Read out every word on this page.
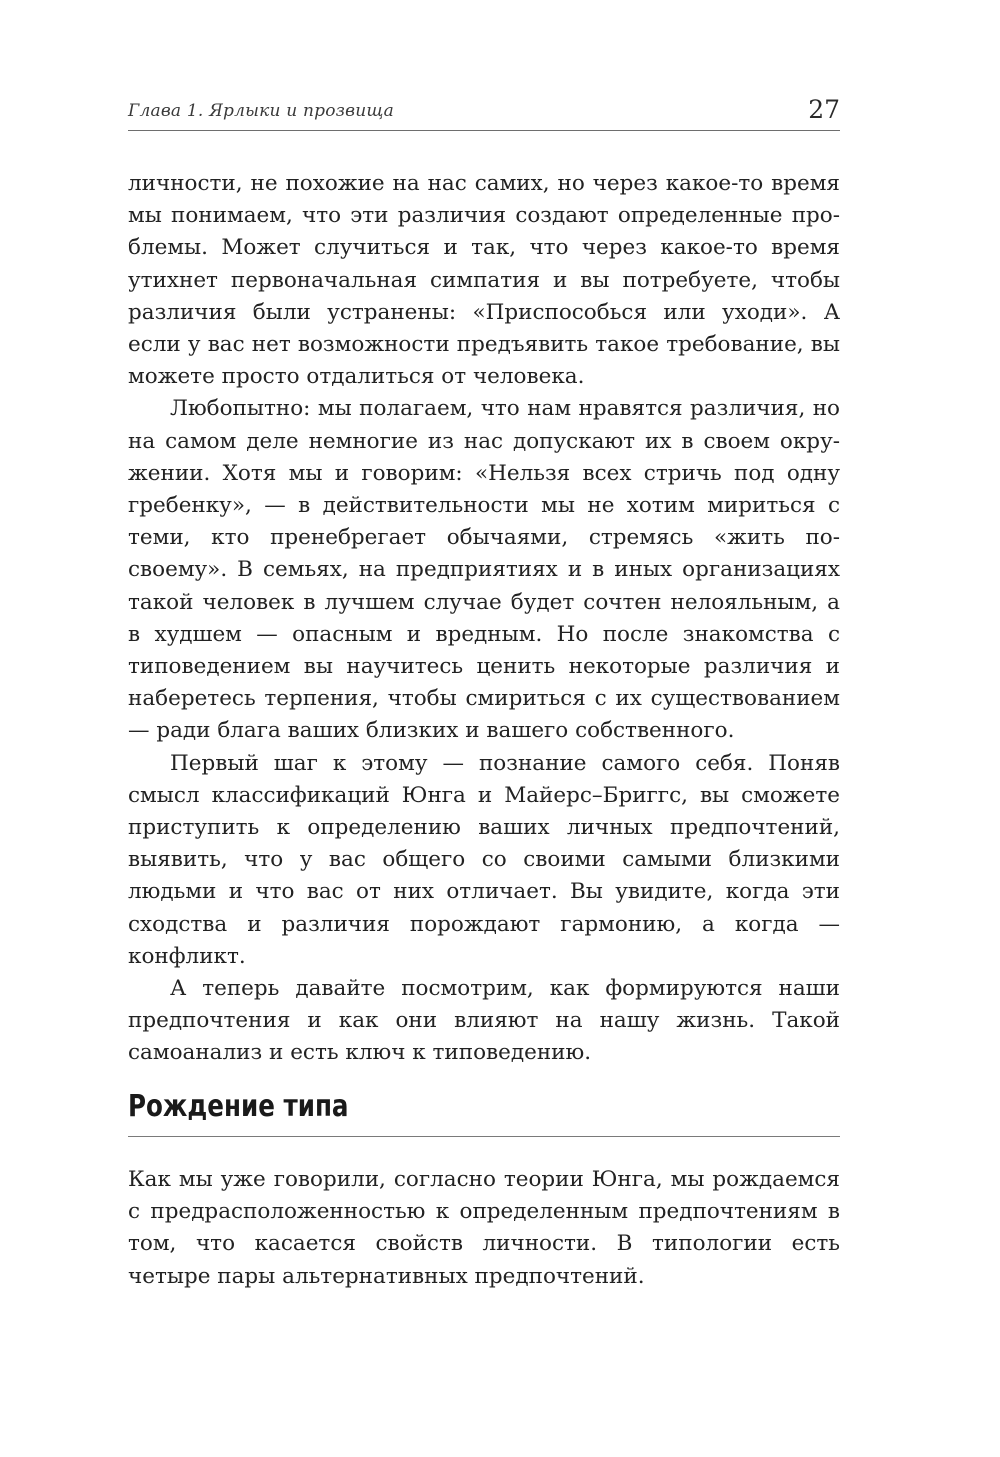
Глава 1. Ярлыки и прозвища	27

личности, не похожие на нас самих, но через какое-то время мы понимаем, что эти различия создают определенные проблемы. Может случиться и так, что через какое-то время утихнет первоначальная симпатия и вы потребуете, чтобы различия были устранены: «Приспособься или уходи». А если у вас нет возможности предъявить такое требование, вы можете просто отдалиться от человека.

Любопытно: мы полагаем, что нам нравятся различия, но на самом деле немногие из нас допускают их в своем окружении. Хотя мы и говорим: «Нельзя всех стричь под одну гребенку», — в действительности мы не хотим мириться с теми, кто пренебрегает обычаями, стремясь «жить по-своему». В семьях, на предприятиях и в иных организациях такой человек в лучшем случае будет сочтен нелояльным, а в худшем — опасным и вредным. Но после знакомства с типоведением вы научитесь ценить некоторые различия и наберетесь терпения, чтобы смириться с их существованием — ради блага ваших близких и вашего собственного.

Первый шаг к этому — познание самого себя. Поняв смысл классификаций Юнга и Майерс–Бриггс, вы сможете приступить к определению ваших личных предпочтений, выявить, что у вас общего со своими самыми близкими людьми и что вас от них отличает. Вы увидите, когда эти сходства и различия порождают гармонию, а когда — конфликт.

А теперь давайте посмотрим, как формируются наши предпочтения и как они влияют на нашу жизнь. Такой самоанализ и есть ключ к типоведению.

Рождение типа

Как мы уже говорили, согласно теории Юнга, мы рождаемся с предрасположенностью к определенным предпочтениям в том, что касается свойств личности. В типологии есть четыре пары альтернативных предпочтений.
